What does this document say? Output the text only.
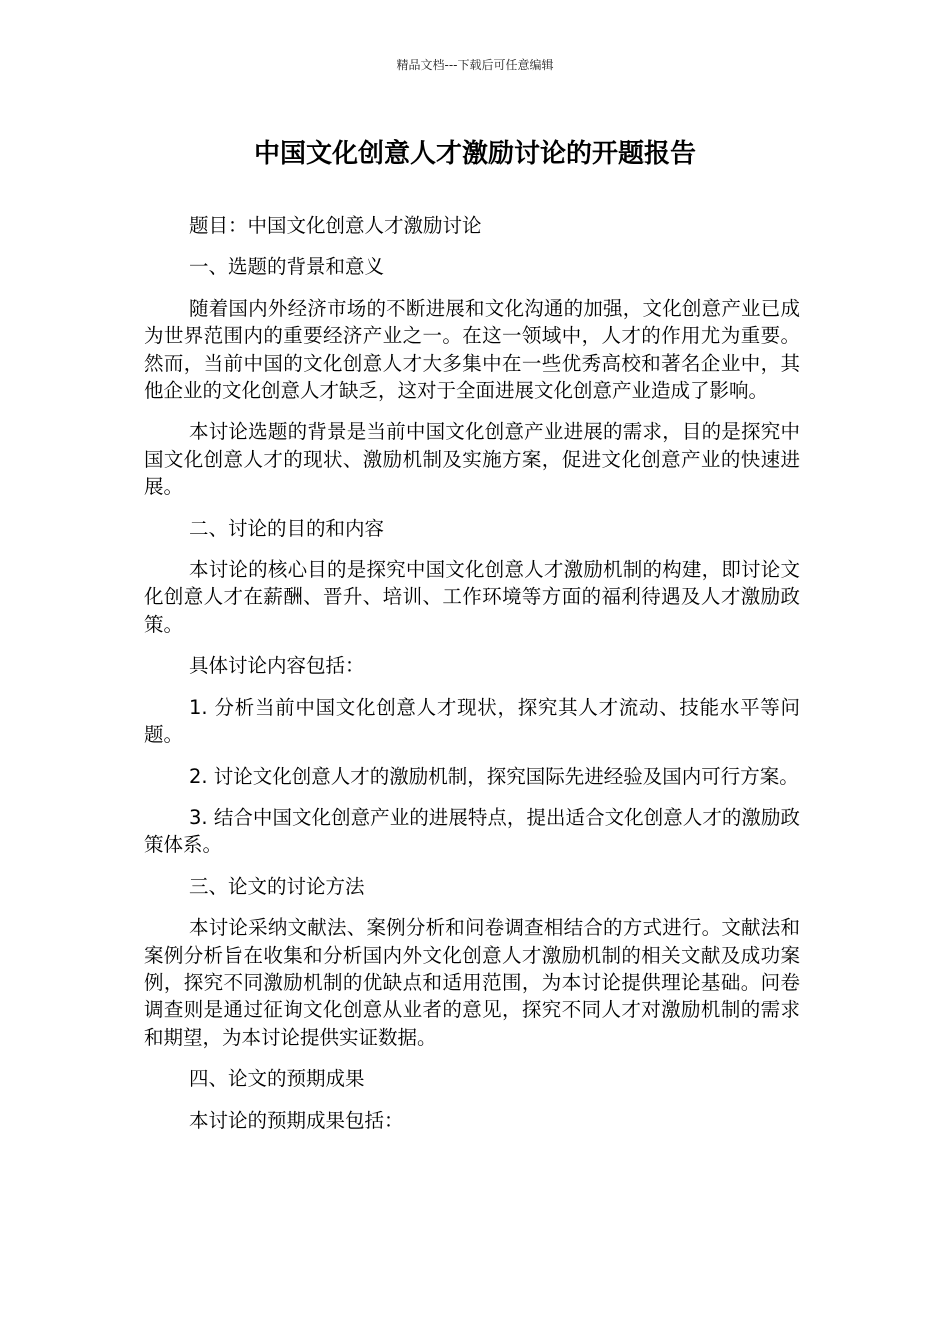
精品文档---下载后可任意编辑
中国文化创意人才激励讨论的开题报告

题目：中国文化创意人才激励讨论

一、选题的背景和意义

随着国内外经济市场的不断进展和文化沟通的加强，文化创意产业已成为世界范围内的重要经济产业之一。在这一领域中，人才的作用尤为重要。然而，当前中国的文化创意人才大多集中在一些优秀高校和著名企业中，其他企业的文化创意人才缺乏，这对于全面进展文化创意产业造成了影响。

本讨论选题的背景是当前中国文化创意产业进展的需求，目的是探究中国文化创意人才的现状、激励机制及实施方案，促进文化创意产业的快速进展。

二、讨论的目的和内容

本讨论的核心目的是探究中国文化创意人才激励机制的构建，即讨论文化创意人才在薪酬、晋升、培训、工作环境等方面的福利待遇及人才激励政策。

具体讨论内容包括：

1. 分析当前中国文化创意人才现状，探究其人才流动、技能水平等问题。

2. 讨论文化创意人才的激励机制，探究国际先进经验及国内可行方案。

3. 结合中国文化创意产业的进展特点，提出适合文化创意人才的激励政策体系。

三、论文的讨论方法

本讨论采纳文献法、案例分析和问卷调查相结合的方式进行。文献法和案例分析旨在收集和分析国内外文化创意人才激励机制的相关文献及成功案例，探究不同激励机制的优缺点和适用范围，为本讨论提供理论基础。问卷调查则是通过征询文化创意从业者的意见，探究不同人才对激励机制的需求和期望，为本讨论提供实证数据。

四、论文的预期成果

本讨论的预期成果包括：
